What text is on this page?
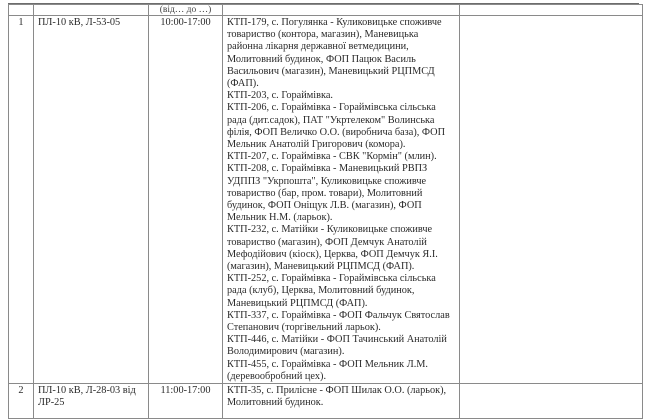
		(від… до …)		
1	ПЛ-10 кВ, Л-53-05	10:00-17:00	КТП-179, с. Погулянка - Куликовицьке споживче товариство (контора, магазин), Маневицька районна лікарня державної ветмедицини, Молитовний будинок, ФОП Пацюк Василь Васильович (магазин), Маневицький РЦПМСД (ФАП).
КТП-203, с. Гораймівка.
КТП-206, с. Гораймівка - Гораймівська сільська рада (дит.садок), ПАТ "Укртелеком" Волинська філія, ФОП Величко О.О. (виробнича база), ФОП Мельник Анатолій Григорович (комора).
КТП-207, с. Гораймівка - СВК "Кормін" (млин).
КТП-208, с. Гораймівка - Маневицький РВПЗ УДППЗ "Укрпошта", Куликовицьке споживче товариство (бар, пром. товари), Молитовний будинок, ФОП Оніщук Л.В. (магазин), ФОП Мельник Н.М. (ларьок).
КТП-232, с. Матійки - Куликовицьке споживче товариство (магазин), ФОП Демчук Анатолій Мефодійович (кіоск), Церква, ФОП Демчук Я.І. (магазин), Маневицький РЦПМСД (ФАП).
КТП-252, с. Гораймівка - Гораймівська сільська рада (клуб), Церква, Молитовний будинок, Маневицький РЦПМСД (ФАП).
КТП-337, с. Гораймівка - ФОП Фальчук Святослав Степанович (торгівельний ларьок).
КТП-446, с. Матійки - ФОП Тачинський Анатолій Володимирович (магазин).
КТП-455, с. Гораймівка - ФОП Мельник Л.М. (деревообробний цех).

2	ПЛ-10 кВ, Л-28-03 від ЛР-25	11:00-17:00	КТП-35, с. Прилісне - ФОП Шилак О.О. (ларьок), Молитовний будинок.	
